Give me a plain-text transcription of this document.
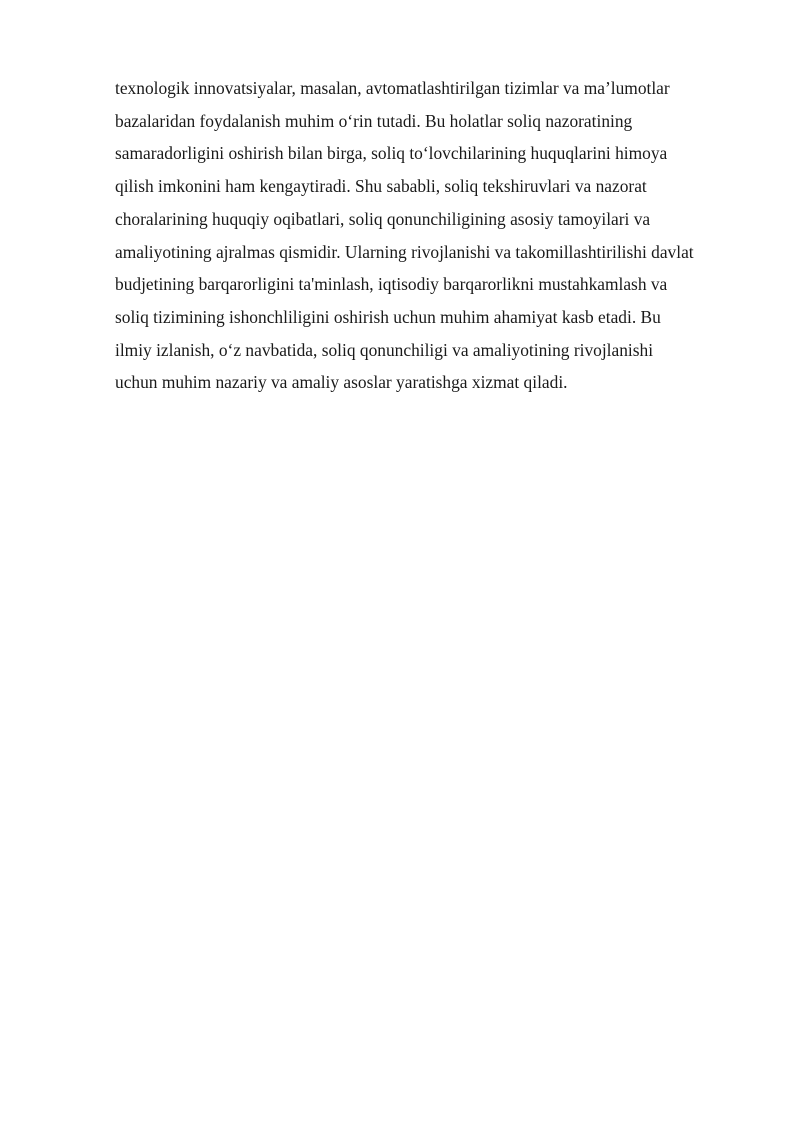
texnologik innovatsiyalar, masalan, avtomatlashtirilgan tizimlar va ma’lumotlar
bazalaridan foydalanish muhim o‘rin tutadi. Bu holatlar soliq nazoratining
samaradorligini oshirish bilan birga, soliq to‘lovchilarining huquqlarini himoya
qilish imkonini ham kengaytiradi. Shu sababli, soliq tekshiruvlari va nazorat
choralarining huquqiy oqibatlari, soliq qonunchiligining asosiy tamoyilari va
amaliyotining ajralmas qismidir. Ularning rivojlanishi va takomillashtirilishi davlat
budjetining barqarorligini ta'minlash, iqtisodiy barqarorlikni mustahkamlash va
soliq tizimining ishonchliligini oshirish uchun muhim ahamiyat kasb etadi. Bu
ilmiy izlanish, o‘z navbatida, soliq qonunchiligi va amaliyotining rivojlanishi
uchun muhim nazariy va amaliy asoslar yaratishga xizmat qiladi.
